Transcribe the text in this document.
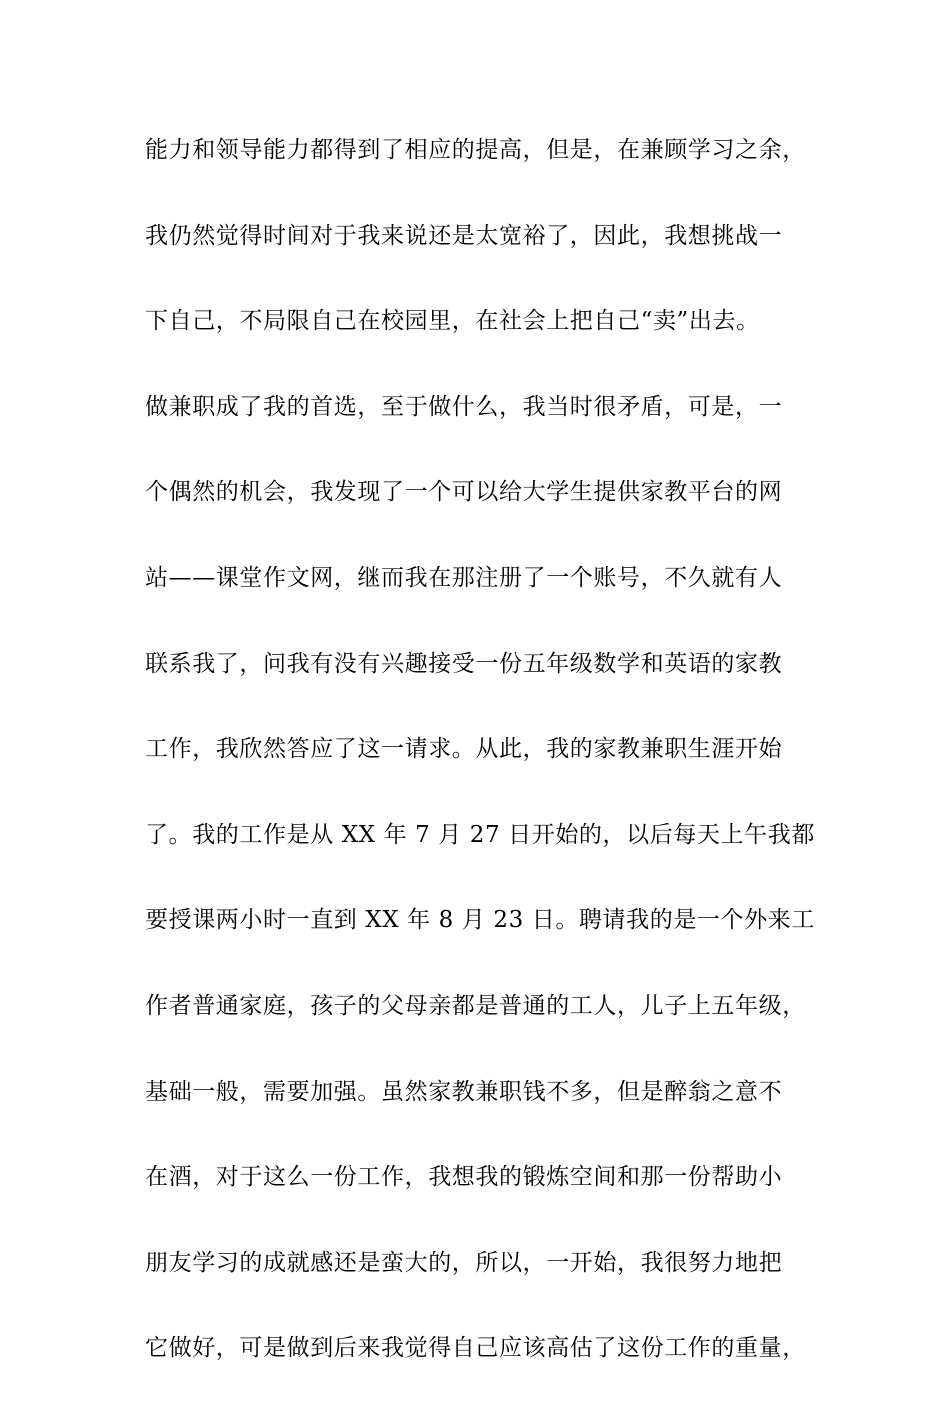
能力和领导能力都得到了相应的提高，但是，在兼顾学习之余，
我仍然觉得时间对于我来说还是太宽裕了，因此，我想挑战一
下自己，不局限自己在校园里，在社会上把自己“卖”出去。
做兼职成了我的首选，至于做什么，我当时很矛盾，可是，一
个偶然的机会，我发现了一个可以给大学生提供家教平台的网
站——课堂作文网，继而我在那注册了一个账号，不久就有人
联系我了，问我有没有兴趣接受一份五年级数学和英语的家教
工作，我欣然答应了这一请求。从此，我的家教兼职生涯开始
了。我的工作是从 XX 年 7 月 27 日开始的，以后每天上午我都
要授课两小时一直到 XX 年 8 月 23 日。聘请我的是一个外来工
作者普通家庭，孩子的父母亲都是普通的工人，儿子上五年级，
基础一般，需要加强。虽然家教兼职钱不多，但是醉翁之意不
在酒，对于这么一份工作，我想我的锻炼空间和那一份帮助小
朋友学习的成就感还是蛮大的，所以，一开始，我很努力地把
它做好，可是做到后来我觉得自己应该高估了这份工作的重量，
